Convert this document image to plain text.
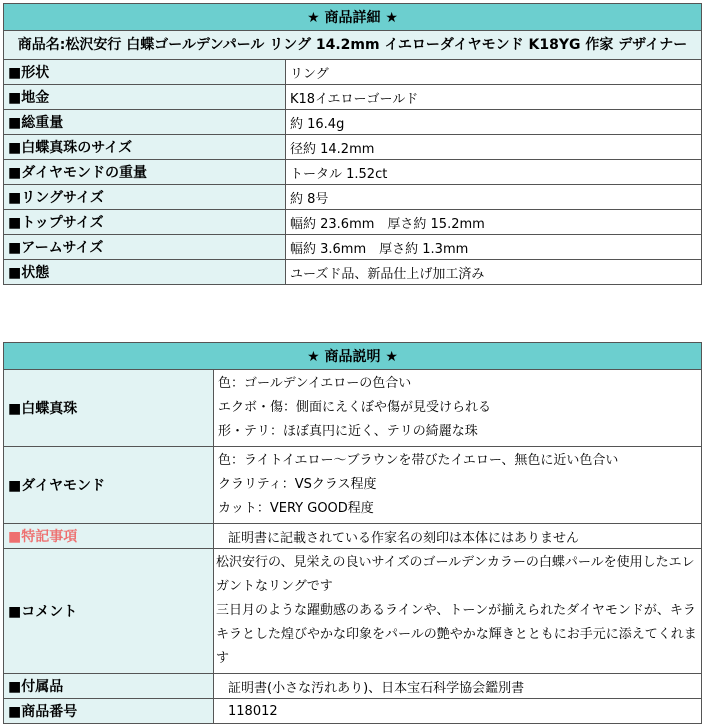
★ 商品詳細 ★	
商品名:松沢安行 白蝶ゴールデンパール リング 14.2mm イエローダイヤモンド K18YG 作家 デザイナー	
■形状	リング
■地金	K18イエローゴールド
■総重量	約 16.4g
■白蝶真珠のサイズ	径約 14.2mm
■ダイヤモンドの重量	トータル 1.52ct
■リングサイズ	約 8号
■トップサイズ	幅約 23.6mm　厚さ約 15.2mm
■アームサイズ	幅約 3.6mm　厚さ約 1.3mm
■状態	ユーズド品、新品仕上げ加工済み
★ 商品説明 ★	
■白蝶真珠	色：ゴールデンイエローの色合い
エクボ・傷：側面にえくぼや傷が見受けられる
形・テリ：ほぼ真円に近く、テリの綺麗な珠

■ダイヤモンド	色：ライトイエロー～ブラウンを帯びたイエロー、無色に近い色合い
クラリティ：VSクラス程度
カット：VERY GOOD程度

■特記事項	証明書に記載されている作家名の刻印は本体にはありません
■コメント	松沢安行の、見栄えの良いサイズのゴールデンカラーの白蝶パールを使用したエレガントなリングです
三日月のような躍動感のあるラインや、トーンが揃えられたダイヤモンドが、キラキラとした煌びやかな印象をパールの艶やかな輝きとともにお手元に添えてくれます

■付属品	証明書(小さな汚れあり)、日本宝石科学協会鑑別書
■商品番号	118012
